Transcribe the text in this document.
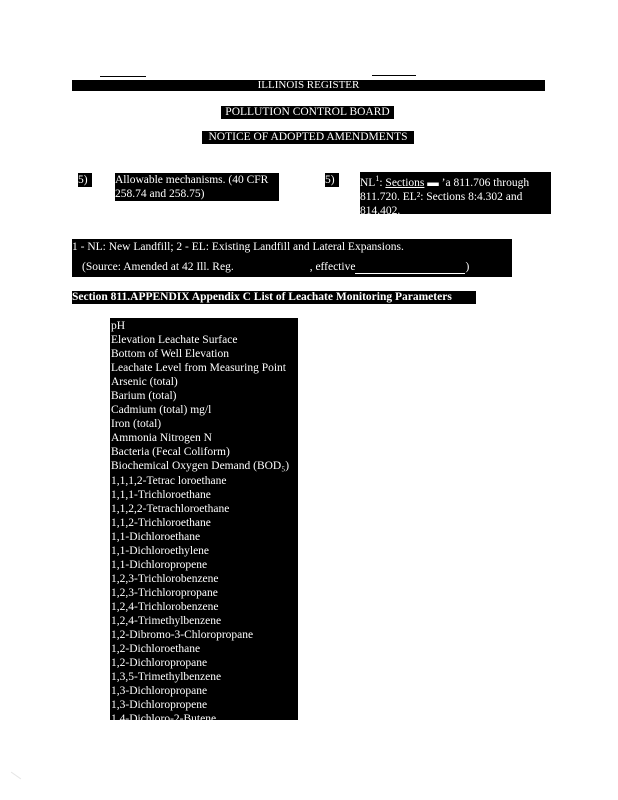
ILLINOIS REGISTER
POLLUTION CONTROL BOARD
NOTICE OF ADOPTED AMENDMENTS
5)	Allowable mechanisms. (40 CFR
258.74 and 258.75)
5)	$NL^1$: Sections ▬ ’a 811.706 through
811.720. EL²: Sections 8:4.302 and
814.402.
1 - NL: New Landfill; 2 - EL: Existing Landfill and Lateral Expansions.
(Source: Amended at 42 Ill. Reg.	, effective	)
Section 811.APPENDIX Appendix C List of Leachate Monitoring Parameters
pH
Elevation Leachate Surface
Bottom of Well Elevation
Leachate Level from Measuring Point
Arsenic (total)
Barium (total)
Cadmium (total) mg/l
Iron (total)
Ammonia Nitrogen N
Bacteria (Fecal Coliform)
Biochemical Oxygen Demand (BOD₅)
1,1,1,2-Tetrac loroethane
1,1,1-Trichloroethane
1,1,2,2-Tetrachloroethane
1,1,2-Trichloroethane
1,1-Dichloroethane
1,1-Dichloroethylene
1,1-Dichloropropene
1,2,3-Trichlorobenzene
1,2,3-Trichloropropane
1,2,4-Trichlorobenzene
1,2,4-Trimethylbenzene
1,2-Dibromo-3-Chloropropane
1,2-Dichloroethane
1,2-Dichloropropane
1,3,5-Trimethylbenzene
1,3-Dichloropropane
1,3-Dichloropropene
1,4-Dichloro-2-Butene
